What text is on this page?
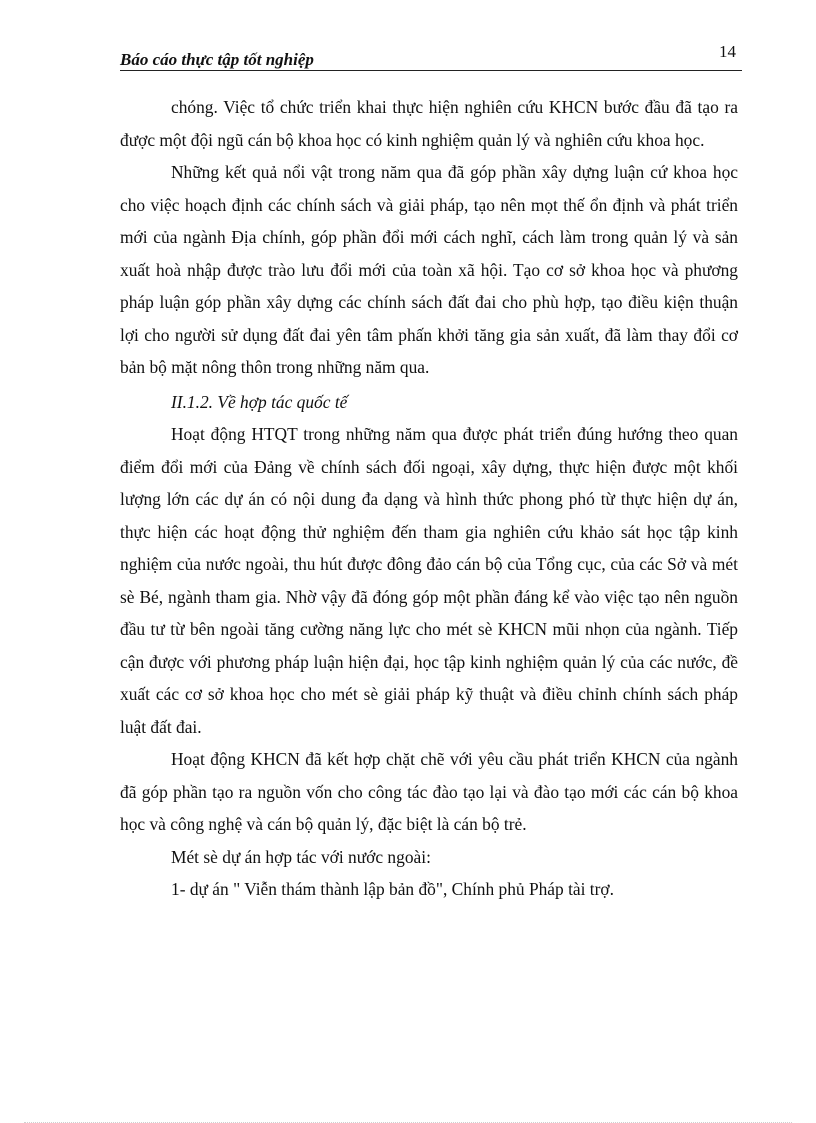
Báo cáo thực tập tốt nghiệp	14

chóng. Việc tổ chức triển khai thực hiện nghiên cứu KHCN bước đầu đã tạo ra được một đội ngũ cán bộ khoa học có kinh nghiệm quản lý và nghiên cứu khoa học.

Những kết quả nổi vật trong năm qua đã góp phần xây dựng luận cứ khoa học cho việc hoạch định các chính sách và giải pháp, tạo nên mọt thế ổn định và phát triển mới của ngành Địa chính, góp phần đổi mới cách nghĩ, cách làm trong quản lý và sản xuất hoà nhập được trào lưu đổi mới của toàn xã hội. Tạo cơ sở khoa học và phương pháp luận góp phần xây dựng các chính sách đất đai cho phù hợp, tạo điều kiện thuận lợi cho người sử dụng đất đai yên tâm phấn khởi tăng gia sản xuất, đã làm thay đổi cơ bản bộ mặt nông thôn trong những năm qua.

II.1.2. Về hợp tác quốc tế

Hoạt động HTQT trong những năm qua được phát triển đúng hướng theo quan điểm đổi mới của Đảng về chính sách đối ngoại, xây dựng, thực hiện được một khối lượng lớn các dự án có nội dung đa dạng và hình thức phong phó từ thực hiện dự án, thực hiện các hoạt động thử nghiệm đến tham gia nghiên cứu khảo sát học tập kinh nghiệm của nước ngoài, thu hút được đông đảo cán bộ của Tổng cục, của các Sở và mét sè Bé, ngành tham gia. Nhờ vậy đã đóng góp một phần đáng kể vào việc tạo nên nguồn đầu tư từ bên ngoài tăng cường năng lực cho mét sè KHCN mũi nhọn của ngành. Tiếp cận được với phương pháp luận hiện đại, học tập kinh nghiệm quản lý của các nước, đề xuất các cơ sở khoa học cho mét sè giải pháp kỹ thuật và điều chỉnh chính sách pháp luật đất đai.

Hoạt động KHCN đã kết hợp chặt chẽ với yêu cầu phát triển KHCN của ngành đã góp phần tạo ra nguồn vốn cho công tác đào tạo lại và đào tạo mới các cán bộ khoa học và công nghệ và cán bộ quản lý, đặc biệt là cán bộ trẻ.

Mét sè dự án hợp tác với nước ngoài:

1- dự án " Viễn thám thành lập bản đồ", Chính phủ Pháp tài trợ.
